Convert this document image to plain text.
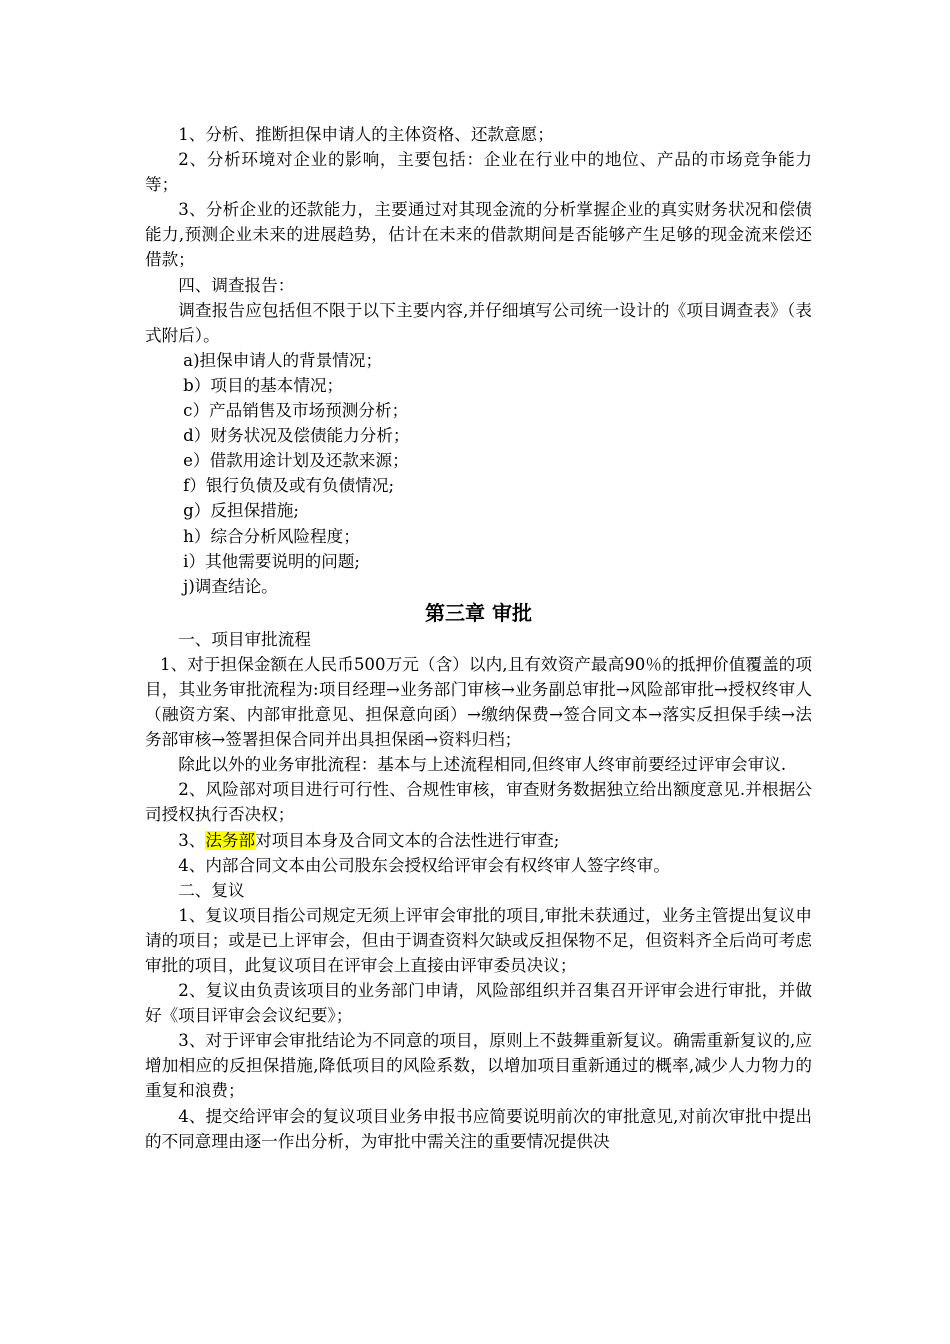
1、分析、推断担保申请人的主体资格、还款意愿；

2、分析环境对企业的影响，主要包括：企业在行业中的地位、产品的市场竞争能力等；

3、分析企业的还款能力，主要通过对其现金流的分析掌握企业的真实财务状况和偿债能力,预测企业未来的进展趋势，估计在未来的借款期间是否能够产生足够的现金流来偿还借款；

四、调查报告：

调查报告应包括但不限于以下主要内容,并仔细填写公司统一设计的《项目调查表》（表式附后）。

a)担保申请人的背景情况；

b）项目的基本情况；

c）产品销售及市场预测分析；

d）财务状况及偿债能力分析；

e）借款用途计划及还款来源；

f）银行负债及或有负债情况;

g）反担保措施;

h）综合分析风险程度；

i）其他需要说明的问题;

j)调查结论。

第三章 审批

一、项目审批流程

1、对于担保金额在人民币500万元（含）以内,且有效资产最高90％的抵押价值覆盖的项目，其业务审批流程为:项目经理→业务部门审核→业务副总审批→风险部审批→授权终审人（融资方案、内部审批意见、担保意向函）→缴纳保费→签合同文本→落实反担保手续→法务部审核→签署担保合同并出具担保函→资料归档；

除此以外的业务审批流程：基本与上述流程相同,但终审人终审前要经过评审会审议.

2、风险部对项目进行可行性、合规性审核，审查财务数据独立给出额度意见.并根据公司授权执行否决权；

3、法务部对项目本身及合同文本的合法性进行审查;

4、内部合同文本由公司股东会授权给评审会有权终审人签字终审。

二、复议

1、复议项目指公司规定无须上评审会审批的项目,审批未获通过，业务主管提出复议申请的项目；或是已上评审会，但由于调查资料欠缺或反担保物不足，但资料齐全后尚可考虑审批的项目，此复议项目在评审会上直接由评审委员决议；

2、复议由负责该项目的业务部门申请，风险部组织并召集召开评审会进行审批，并做好《项目评审会会议纪要》；

3、对于评审会审批结论为不同意的项目，原则上不鼓舞重新复议。确需重新复议的,应增加相应的反担保措施,降低项目的风险系数，以增加项目重新通过的概率,减少人力物力的重复和浪费；

4、提交给评审会的复议项目业务申报书应简要说明前次的审批意见,对前次审批中提出的不同意理由逐一作出分析，为审批中需关注的重要情况提供决
